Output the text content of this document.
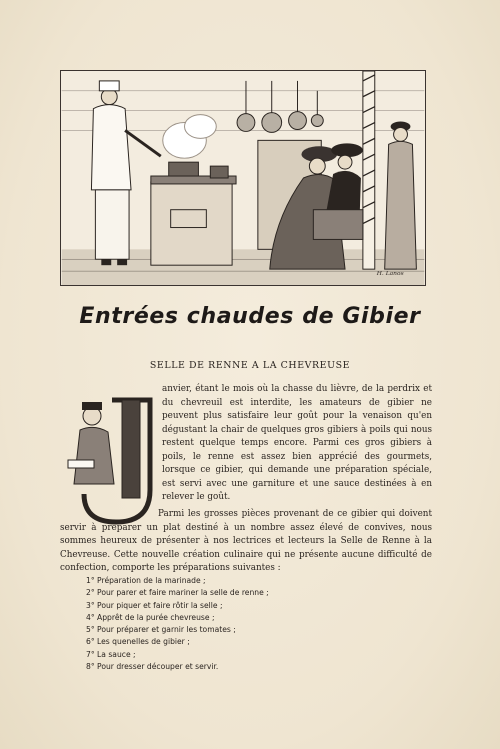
H. Lanos
Entrées chaudes de Gibier
SELLE DE RENNE A LA CHEVREUSE
anvier, étant le mois où la chasse du lièvre, de la perdrix et du chevreuil est interdite, les amateurs de gibier ne peuvent plus satisfaire leur goût pour la venaison qu'en dégustant la chair de quelques gros gibiers à poils qui nous restent quelque temps encore. Parmi ces gros gibiers à poils, le renne est assez bien apprécié des gourmets, lorsque ce gibier, qui demande une préparation spéciale, est servi avec une garniture et une sauce destinées à en relever le goût.
Parmi les grosses pièces provenant de ce gibier qui doivent servir à préparer un plat destiné à un nombre assez élevé de convives, nous sommes heureux de présenter à nos lectrices et lecteurs la Selle de Renne à la Chevreuse. Cette nouvelle création culinaire qui ne présente aucune difficulté de confection, comporte les préparations suivantes :
1° Préparation de la marinade ;
2° Pour parer et faire mariner la selle de renne ;
3° Pour piquer et faire rôtir la selle ;
4° Apprêt de la purée chevreuse ;
5° Pour préparer et garnir les tomates ;
6° Les quenelles de gibier ;
7° La sauce ;
8° Pour dresser découper et servir.
